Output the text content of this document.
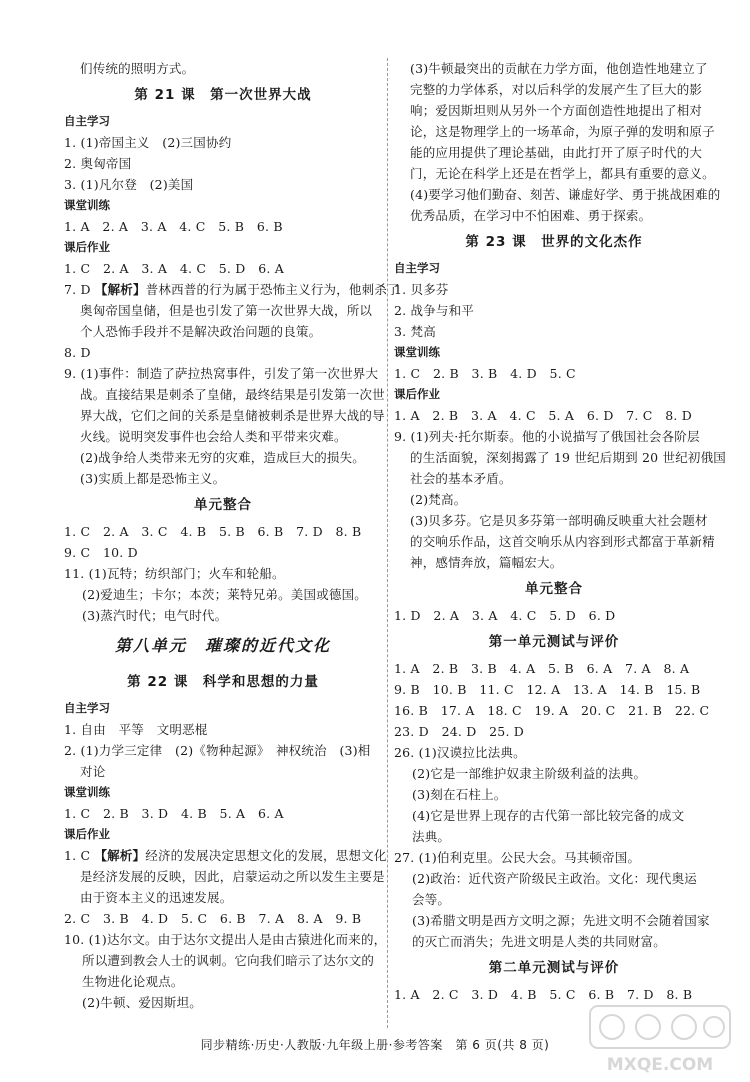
们传统的照明方式。
第 21 课　第一次世界大战
自主学习
1. (1)帝国主义　(2)三国协约
2. 奥匈帝国
3. (1)凡尔登　(2)美国
课堂训练
1. A　2. A　3. A　4. C　5. B　6. B
课后作业
1. C　2. A　3. A　4. C　5. D　6. A
7. D 【解析】普林西普的行为属于恐怖主义行为，他刺杀了
奥匈帝国皇储，但是也引发了第一次世界大战，所以
个人恐怖手段并不是解决政治问题的良策。
8. D
9. (1)事件：制造了萨拉热窝事件，引发了第一次世界大
战。直接结果是刺杀了皇储，最终结果是引发第一次世
界大战，它们之间的关系是皇储被刺杀是世界大战的导
火线。说明突发事件也会给人类和平带来灾难。
(2)战争给人类带来无穷的灾难，造成巨大的损失。
(3)实质上都是恐怖主义。
单元整合
1. C　2. A　3. C　4. B　5. B　6. B　7. D　8. B
9. C　10. D
11. (1)瓦特；纺织部门；火车和轮船。
(2)爱迪生；卡尔；本茨；莱特兄弟。美国或德国。
(3)蒸汽时代；电气时代。
第八单元　璀璨的近代文化
第 22 课　科学和思想的力量
自主学习
1. 自由　平等　文明恶棍
2. (1)力学三定律　(2)《物种起源》　神权统治　(3)相
对论
课堂训练
1. C　2. B　3. D　4. B　5. A　6. A
课后作业
1. C 【解析】经济的发展决定思想文化的发展，思想文化
是经济发展的反映，因此，启蒙运动之所以发生主要是
由于资本主义的迅速发展。
2. C　3. B　4. D　5. C　6. B　7. A　8. A　9. B
10. (1)达尔文。由于达尔文提出人是由古猿进化而来的，
所以遭到教会人士的讽刺。它向我们暗示了达尔文的
生物进化论观点。
(2)牛顿、爱因斯坦。
(3)牛顿最突出的贡献在力学方面，他创造性地建立了
完整的力学体系，对以后科学的发展产生了巨大的影
响；爱因斯坦则从另外一个方面创造性地提出了相对
论，这是物理学上的一场革命，为原子弹的发明和原子
能的应用提供了理论基础，由此打开了原子时代的大
门，无论在科学上还是在哲学上，都具有重要的意义。
(4)要学习他们勤奋、刻苦、谦虚好学、勇于挑战困难的
优秀品质，在学习中不怕困难、勇于探索。
第 23 课　世界的文化杰作
自主学习
1. 贝多芬
2. 战争与和平
3. 梵高
课堂训练
1. C　2. B　3. B　4. D　5. C
课后作业
1. A　2. B　3. A　4. C　5. A　6. D　7. C　8. D
9. (1)列夫·托尔斯泰。他的小说描写了俄国社会各阶层
的生活面貌，深刻揭露了 19 世纪后期到 20 世纪初俄国
社会的基本矛盾。
(2)梵高。
(3)贝多芬。它是贝多芬第一部明确反映重大社会题材
的交响乐作品，这首交响乐从内容到形式都富于革新精
神，感情奔放，篇幅宏大。
单元整合
1. D　2. A　3. A　4. C　5. D　6. D
第一单元测试与评价
1. A　2. B　3. B　4. A　5. B　6. A　7. A　8. A
9. B　10. B　11. C　12. A　13. A　14. B　15. B
16. B　17. A　18. C　19. A　20. C　21. B　22. C
23. D　24. D　25. D
26. (1)汉谟拉比法典。
(2)它是一部维护奴隶主阶级利益的法典。
(3)刻在石柱上。
(4)它是世界上现存的古代第一部比较完备的成文
法典。
27. (1)伯利克里。公民大会。马其顿帝国。
(2)政治：近代资产阶级民主政治。文化：现代奥运
会等。
(3)希腊文明是西方文明之源；先进文明不会随着国家
的灭亡而消失；先进文明是人类的共同财富。
第二单元测试与评价
1. A　2. C　3. D　4. B　5. C　6. B　7. D　8. B
同步精练·历史·人教版·九年级上册·参考答案　第 6 页(共 8 页)
MXQE.COM
